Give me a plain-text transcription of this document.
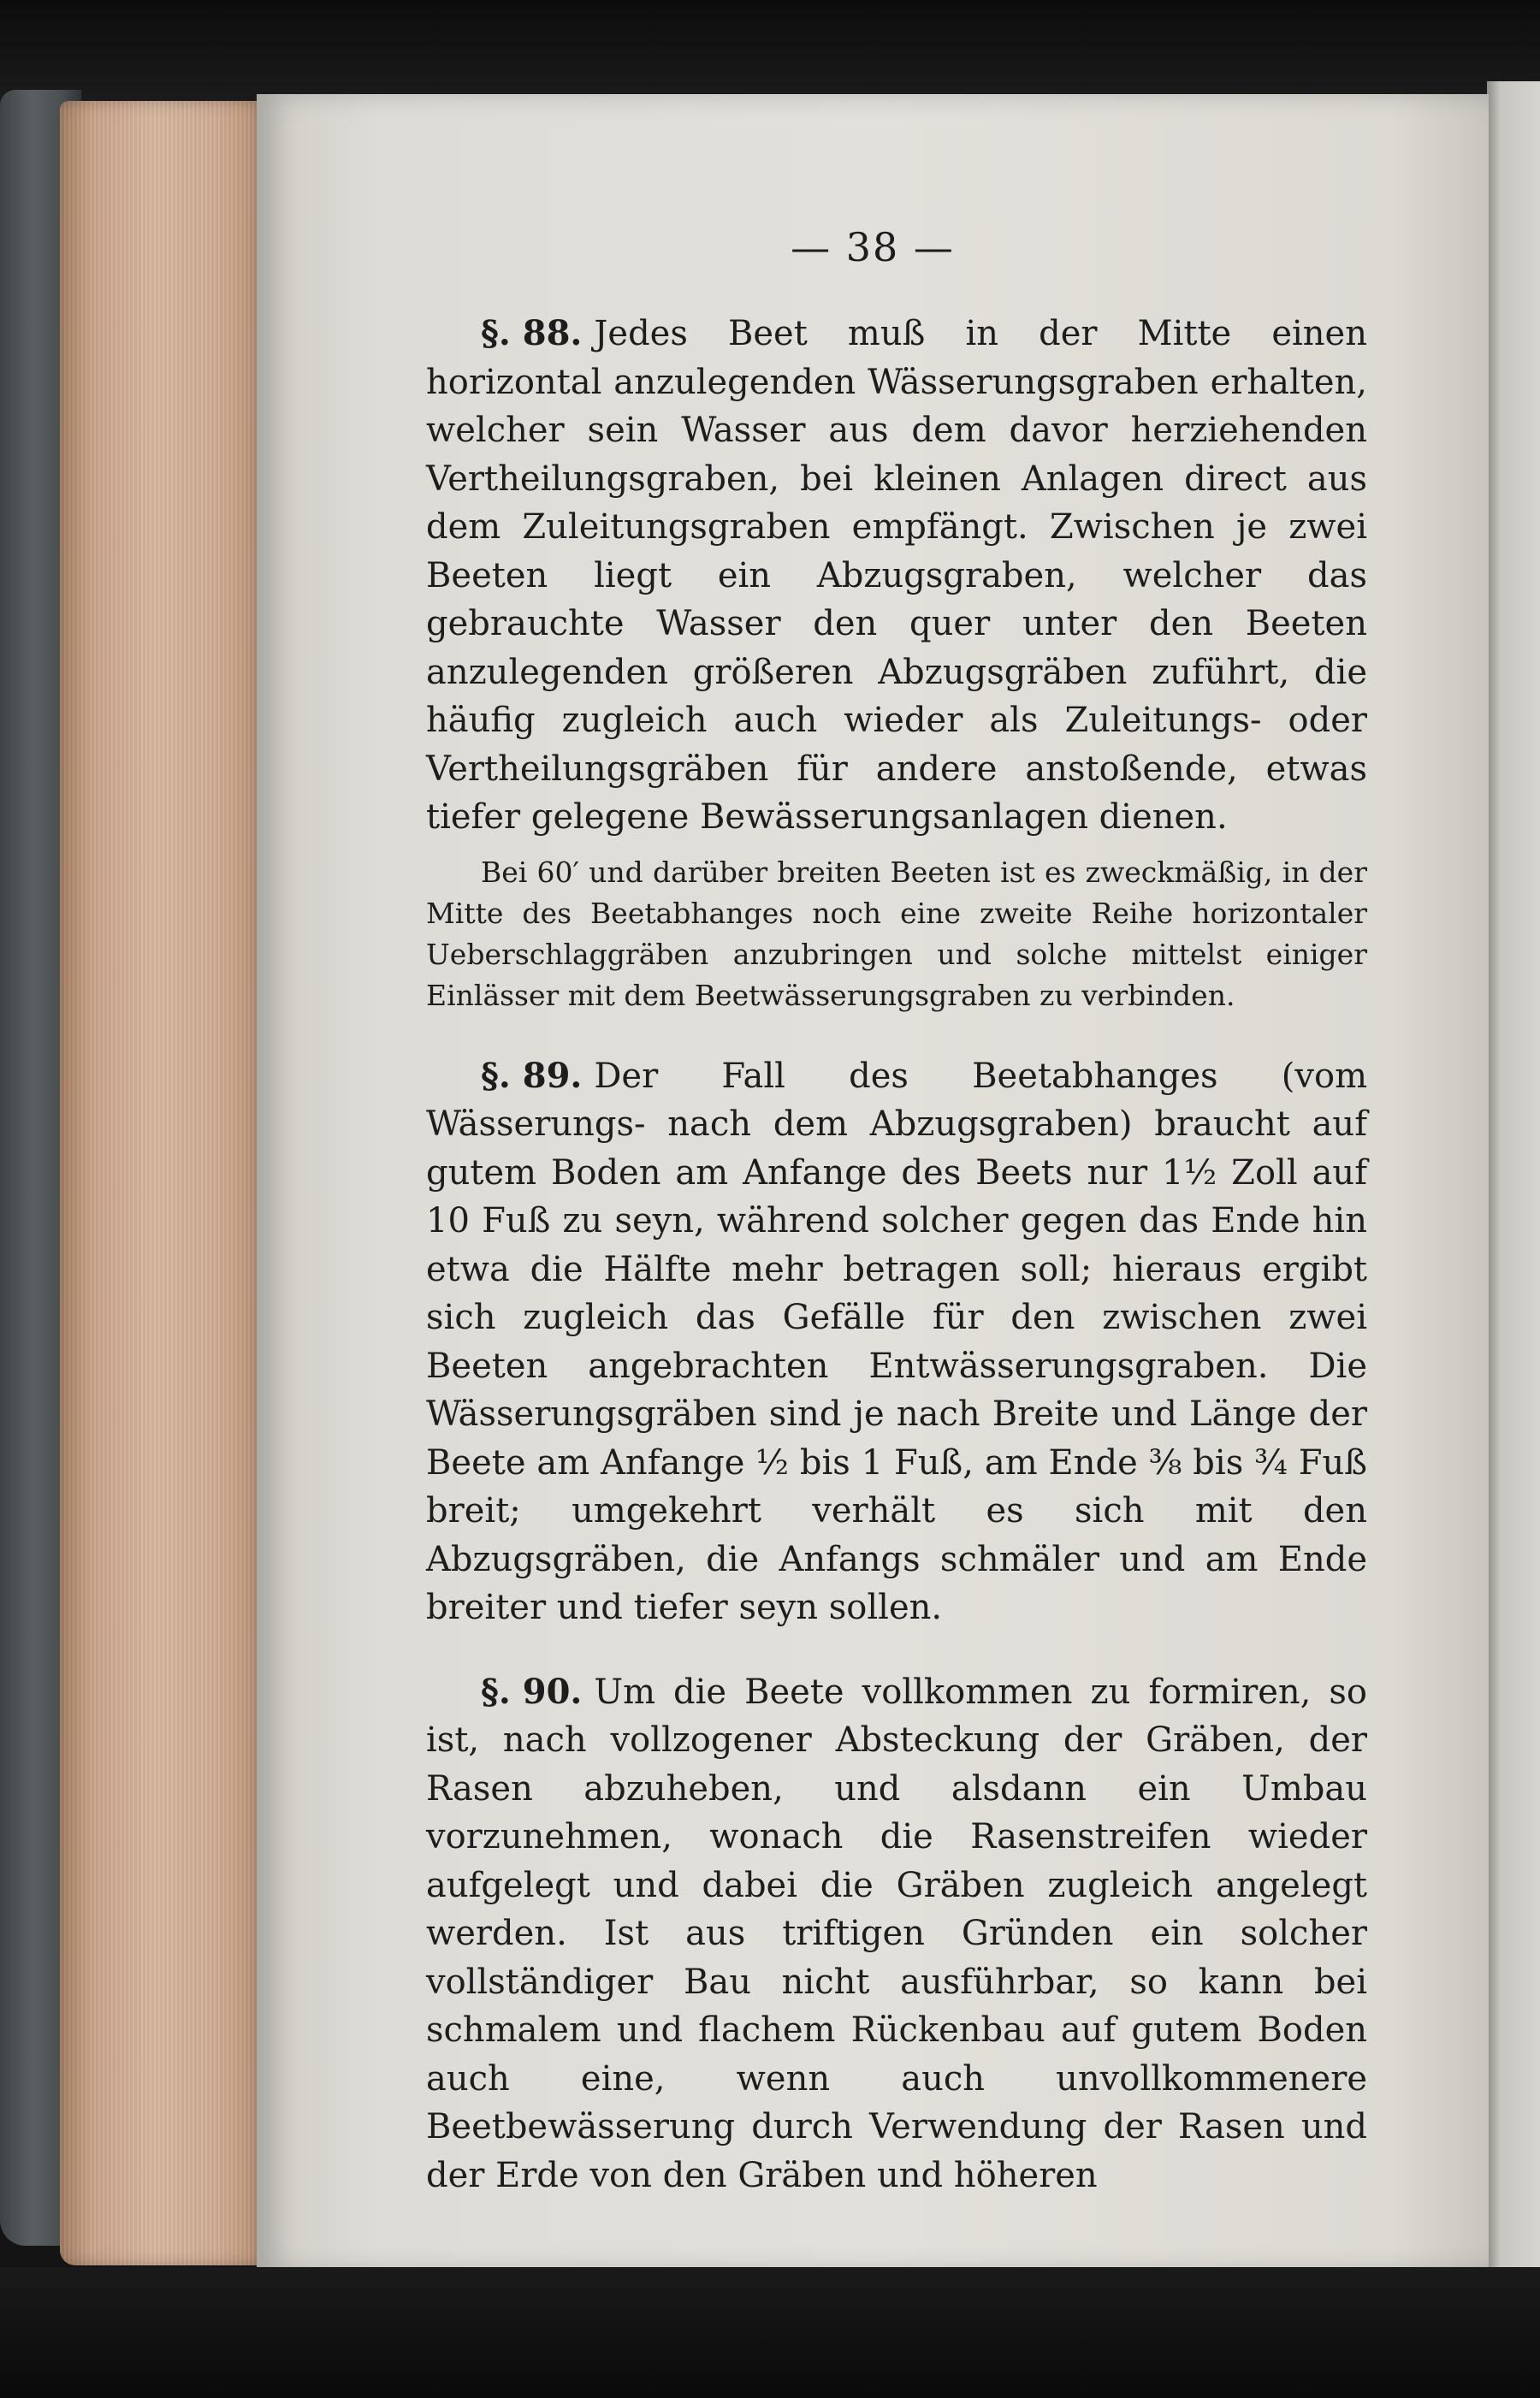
— 38 —

§. 88. Jedes Beet muß in der Mitte einen horizontal anzulegenden Wässerungsgraben erhalten, welcher sein Wasser aus dem davor herziehenden Vertheilungsgraben, bei kleinen Anlagen direct aus dem Zuleitungsgraben empfängt. Zwischen je zwei Beeten liegt ein Abzugsgraben, welcher das gebrauchte Wasser den quer unter den Beeten anzulegenden größeren Abzugsgräben zuführt, die häufig zugleich auch wieder als Zuleitungs- oder Vertheilungsgräben für andere anstoßende, etwas tiefer gelegene Bewässerungsanlagen dienen.

Bei 60′ und darüber breiten Beeten ist es zweckmäßig, in der Mitte des Beetabhanges noch eine zweite Reihe horizontaler Ueberschlaggräben anzubringen und solche mittelst einiger Einlässer mit dem Beetwässerungsgraben zu verbinden.

§. 89. Der Fall des Beetabhanges (vom Wässerungs- nach dem Abzugsgraben) braucht auf gutem Boden am Anfange des Beets nur 1½ Zoll auf 10 Fuß zu seyn, während solcher gegen das Ende hin etwa die Hälfte mehr betragen soll; hieraus ergibt sich zugleich das Gefälle für den zwischen zwei Beeten angebrachten Entwässerungsgraben. Die Wässerungsgräben sind je nach Breite und Länge der Beete am Anfange ½ bis 1 Fuß, am Ende ⅜ bis ¾ Fuß breit; umgekehrt verhält es sich mit den Abzugsgräben, die Anfangs schmäler und am Ende breiter und tiefer seyn sollen.

§. 90. Um die Beete vollkommen zu formiren, so ist, nach vollzogener Absteckung der Gräben, der Rasen abzuheben, und alsdann ein Umbau vorzunehmen, wonach die Rasenstreifen wieder aufgelegt und dabei die Gräben zugleich angelegt werden. Ist aus triftigen Gründen ein solcher vollständiger Bau nicht ausführbar, so kann bei schmalem und flachem Rückenbau auf gutem Boden auch eine, wenn auch unvollkommenere Beetbewässerung durch Verwendung der Rasen und der Erde von den Gräben und höheren
